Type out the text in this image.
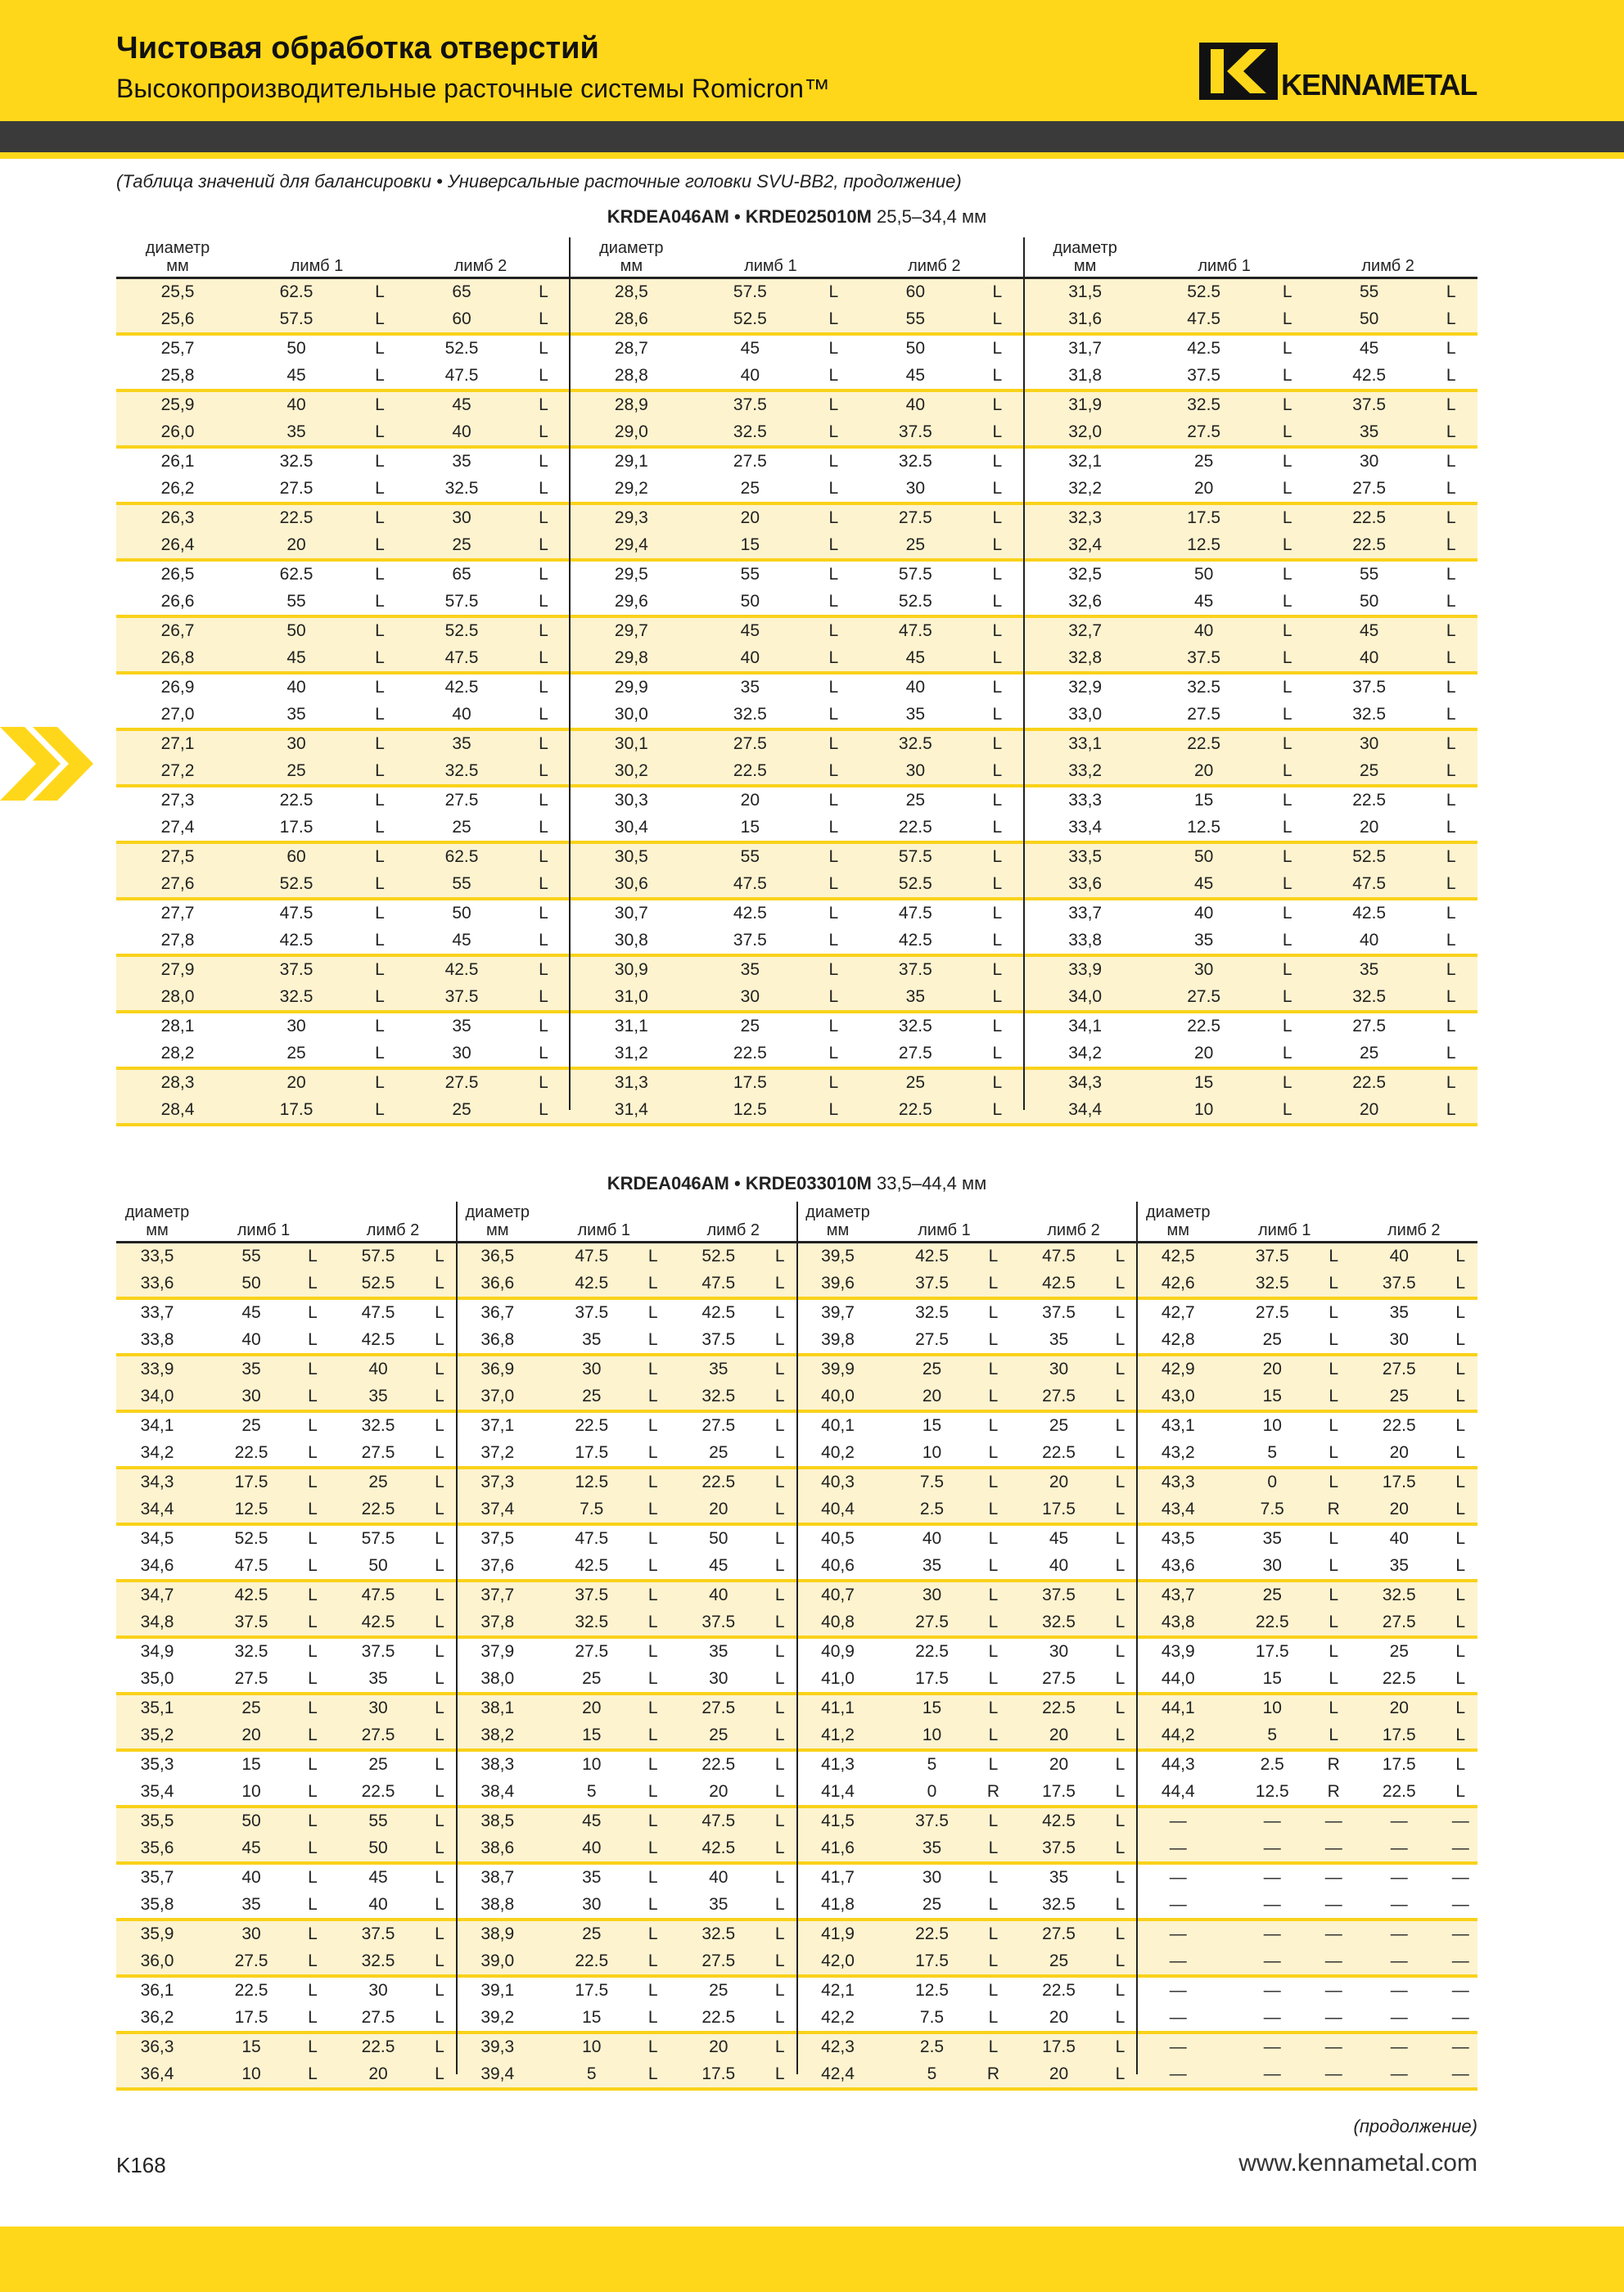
Чистовая обработка отверстий
Высокопроизводительные расточные системы Romicron™	KENNAMETAL
(Таблица значений для балансировки • Универсальные расточные головки SVU-BB2, продолжение)
KRDEA046AM • KRDE025010M 25,5–34,4 мм
диаметр
мм	лимб 1	лимб 2
диаметр
мм	лимб 1	лимб 2
диаметр
мм	лимб 1	лимб 2
25,5	62.5	L	65	L	28,5	57.5	L	60	L	31,5	52.5	L	55	L
25,6	57.5	L	60	L	28,6	52.5	L	55	L	31,6	47.5	L	50	L
25,7	50	L	52.5	L	28,7	45	L	50	L	31,7	42.5	L	45	L
25,8	45	L	47.5	L	28,8	40	L	45	L	31,8	37.5	L	42.5	L
25,9	40	L	45	L	28,9	37.5	L	40	L	31,9	32.5	L	37.5	L
26,0	35	L	40	L	29,0	32.5	L	37.5	L	32,0	27.5	L	35	L
26,1	32.5	L	35	L	29,1	27.5	L	32.5	L	32,1	25	L	30	L
26,2	27.5	L	32.5	L	29,2	25	L	30	L	32,2	20	L	27.5	L
26,3	22.5	L	30	L	29,3	20	L	27.5	L	32,3	17.5	L	22.5	L
26,4	20	L	25	L	29,4	15	L	25	L	32,4	12.5	L	22.5	L
26,5	62.5	L	65	L	29,5	55	L	57.5	L	32,5	50	L	55	L
26,6	55	L	57.5	L	29,6	50	L	52.5	L	32,6	45	L	50	L
26,7	50	L	52.5	L	29,7	45	L	47.5	L	32,7	40	L	45	L
26,8	45	L	47.5	L	29,8	40	L	45	L	32,8	37.5	L	40	L
26,9	40	L	42.5	L	29,9	35	L	40	L	32,9	32.5	L	37.5	L
27,0	35	L	40	L	30,0	32.5	L	35	L	33,0	27.5	L	32.5	L
27,1	30	L	35	L	30,1	27.5	L	32.5	L	33,1	22.5	L	30	L
27,2	25	L	32.5	L	30,2	22.5	L	30	L	33,2	20	L	25	L
27,3	22.5	L	27.5	L	30,3	20	L	25	L	33,3	15	L	22.5	L
27,4	17.5	L	25	L	30,4	15	L	22.5	L	33,4	12.5	L	20	L
27,5	60	L	62.5	L	30,5	55	L	57.5	L	33,5	50	L	52.5	L
27,6	52.5	L	55	L	30,6	47.5	L	52.5	L	33,6	45	L	47.5	L
27,7	47.5	L	50	L	30,7	42.5	L	47.5	L	33,7	40	L	42.5	L
27,8	42.5	L	45	L	30,8	37.5	L	42.5	L	33,8	35	L	40	L
27,9	37.5	L	42.5	L	30,9	35	L	37.5	L	33,9	30	L	35	L
28,0	32.5	L	37.5	L	31,0	30	L	35	L	34,0	27.5	L	32.5	L
28,1	30	L	35	L	31,1	25	L	32.5	L	34,1	22.5	L	27.5	L
28,2	25	L	30	L	31,2	22.5	L	27.5	L	34,2	20	L	25	L
28,3	20	L	27.5	L	31,3	17.5	L	25	L	34,3	15	L	22.5	L
28,4	17.5	L	25	L	31,4	12.5	L	22.5	L	34,4	10	L	20	L
KRDEA046AM • KRDE033010M 33,5–44,4 мм
диаметр
мм	лимб 1	лимб 2
диаметр
мм	лимб 1	лимб 2
диаметр
мм	лимб 1	лимб 2
диаметр
мм	лимб 1	лимб 2
33,5	55	L	57.5	L	36,5	47.5	L	52.5	L	39,5	42.5	L	47.5	L	42,5	37.5	L	40	L
33,6	50	L	52.5	L	36,6	42.5	L	47.5	L	39,6	37.5	L	42.5	L	42,6	32.5	L	37.5	L
33,7	45	L	47.5	L	36,7	37.5	L	42.5	L	39,7	32.5	L	37.5	L	42,7	27.5	L	35	L
33,8	40	L	42.5	L	36,8	35	L	37.5	L	39,8	27.5	L	35	L	42,8	25	L	30	L
33,9	35	L	40	L	36,9	30	L	35	L	39,9	25	L	30	L	42,9	20	L	27.5	L
34,0	30	L	35	L	37,0	25	L	32.5	L	40,0	20	L	27.5	L	43,0	15	L	25	L
34,1	25	L	32.5	L	37,1	22.5	L	27.5	L	40,1	15	L	25	L	43,1	10	L	22.5	L
34,2	22.5	L	27.5	L	37,2	17.5	L	25	L	40,2	10	L	22.5	L	43,2	5	L	20	L
34,3	17.5	L	25	L	37,3	12.5	L	22.5	L	40,3	7.5	L	20	L	43,3	0	L	17.5	L
34,4	12.5	L	22.5	L	37,4	7.5	L	20	L	40,4	2.5	L	17.5	L	43,4	7.5	R	20	L
34,5	52.5	L	57.5	L	37,5	47.5	L	50	L	40,5	40	L	45	L	43,5	35	L	40	L
34,6	47.5	L	50	L	37,6	42.5	L	45	L	40,6	35	L	40	L	43,6	30	L	35	L
34,7	42.5	L	47.5	L	37,7	37.5	L	40	L	40,7	30	L	37.5	L	43,7	25	L	32.5	L
34,8	37.5	L	42.5	L	37,8	32.5	L	37.5	L	40,8	27.5	L	32.5	L	43,8	22.5	L	27.5	L
34,9	32.5	L	37.5	L	37,9	27.5	L	35	L	40,9	22.5	L	30	L	43,9	17.5	L	25	L
35,0	27.5	L	35	L	38,0	25	L	30	L	41,0	17.5	L	27.5	L	44,0	15	L	22.5	L
35,1	25	L	30	L	38,1	20	L	27.5	L	41,1	15	L	22.5	L	44,1	10	L	20	L
35,2	20	L	27.5	L	38,2	15	L	25	L	41,2	10	L	20	L	44,2	5	L	17.5	L
35,3	15	L	25	L	38,3	10	L	22.5	L	41,3	5	L	20	L	44,3	2.5	R	17.5	L
35,4	10	L	22.5	L	38,4	5	L	20	L	41,4	0	R	17.5	L	44,4	12.5	R	22.5	L
35,5	50	L	55	L	38,5	45	L	47.5	L	41,5	37.5	L	42.5	L	—	—	—	—	—
35,6	45	L	50	L	38,6	40	L	42.5	L	41,6	35	L	37.5	L	—	—	—	—	—
35,7	40	L	45	L	38,7	35	L	40	L	41,7	30	L	35	L	—	—	—	—	—
35,8	35	L	40	L	38,8	30	L	35	L	41,8	25	L	32.5	L	—	—	—	—	—
35,9	30	L	37.5	L	38,9	25	L	32.5	L	41,9	22.5	L	27.5	L	—	—	—	—	—
36,0	27.5	L	32.5	L	39,0	22.5	L	27.5	L	42,0	17.5	L	25	L	—	—	—	—	—
36,1	22.5	L	30	L	39,1	17.5	L	25	L	42,1	12.5	L	22.5	L	—	—	—	—	—
36,2	17.5	L	27.5	L	39,2	15	L	22.5	L	42,2	7.5	L	20	L	—	—	—	—	—
36,3	15	L	22.5	L	39,3	10	L	20	L	42,3	2.5	L	17.5	L	—	—	—	—	—
36,4	10	L	20	L	39,4	5	L	17.5	L	42,4	5	R	20	L	—	—	—	—	—
(продолжение)
K168	www.kennametal.com
